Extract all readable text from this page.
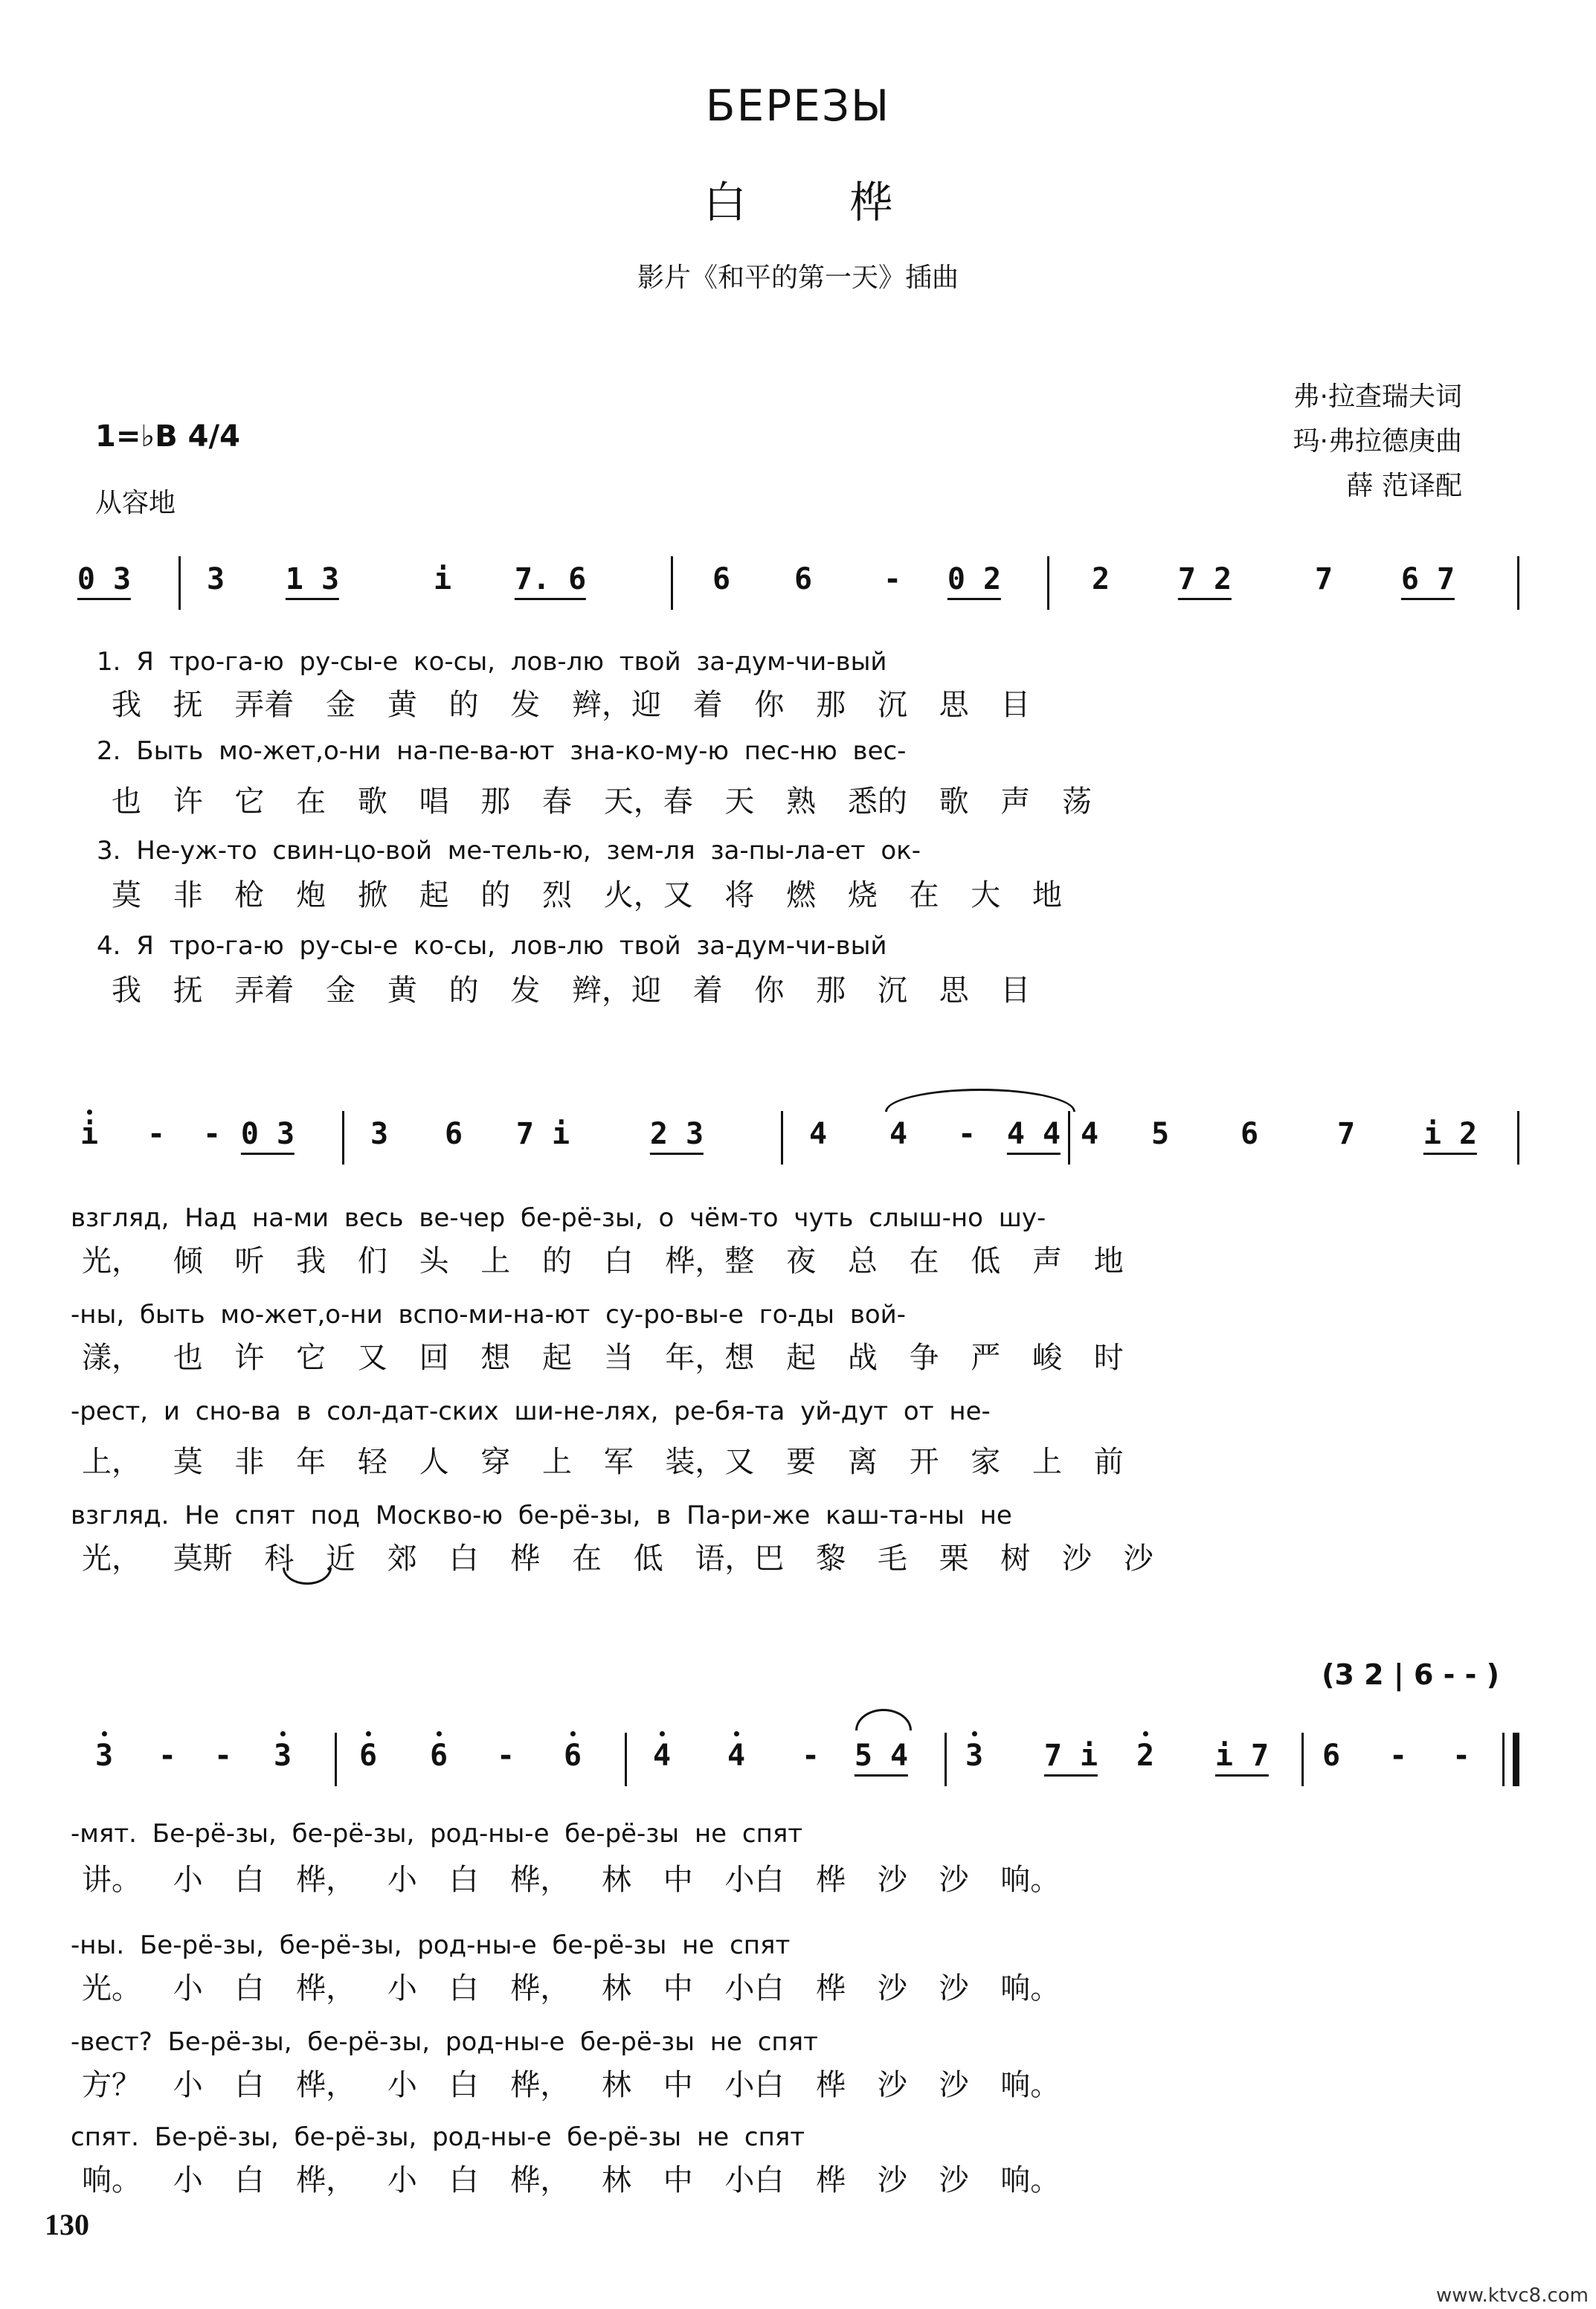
БЕРЕЗЫ
白 桦
影片《和平的第一天》插曲
弗·拉查瑞夫词
玛·弗拉德庚曲
薛 范译配
1=♭B 4/4
从容地
0 3	3 1 3	i 7. 6	6 6 - 0 2	2 7 2	7 6 7
1. Я тро-га-ю ру-сы-е ко-сы, лов-лю твой за-дум-чи-вый
我 抚 弄着 金 黄 的 发 辫，迎 着 你 那 沉 思 目
2. Быть мо-жет,о-ни на-пе-ва-ют зна-ко-му-ю пес-ню вес-
也 许 它 在 歌 唱 那 春 天，春 天 熟 悉的 歌 声 荡
3. Не-уж-то свин-цо-вой ме-тель-ю, зем-ля за-пы-ла-ет ок-
莫 非 枪 炮 掀 起 的 烈 火，又 将 燃 烧 在 大 地
4. Я тро-га-ю ру-сы-е ко-сы, лов-лю твой за-дум-чи-вый
我 抚 弄着 金 黄 的 发 辫，迎 着 你 那 沉 思 目
i - - 0 3	3 6 7 i	2 3	4 4 - 4 4 4 5 6	7 i 2
взгляд, Над на-ми весь ве-чер бе-рё-зы, о чём-то чуть слыш-но шу-
光， 倾 听 我 们 头 上 的 白 桦，整 夜 总 在 低 声 地
-ны, быть мо-жет,о-ни вспо-ми-на-ют су-ро-вы-е го-ды вой-
漾， 也 许 它 又 回 想 起 当 年，想 起 战 争 严 峻 时
-рест, и сно-ва в сол-дат-ских ши-не-лях, ре-бя-та уй-дут от не-
上， 莫 非 年 轻 人 穿 上 军 装，又 要 离 开 家 上 前
взгляд. Не спят под Москво-ю бе-рё-зы, в Па-ри-же каш-та-ны не
光， 莫斯 科 近 郊 白 桦 在 低 语，巴 黎 毛 栗 树 沙 沙
(3 2 | 6 - - )
3 - - 3 6 6 - 6 4 4 - 5 4 3 7 i 2 i 7 6 - -
-мят. Бе-рё-зы, бе-рё-зы, род-ны-е бе-рё-зы не спят
讲。 小 白 桦， 小 白 桦， 林 中 小白 桦 沙 沙 响。
-ны. Бе-рё-зы, бе-рё-зы, род-ны-е бе-рё-зы не спят
光。 小 白 桦， 小 白 桦， 林 中 小白 桦 沙 沙 响。
-вест? Бе-рё-зы, бе-рё-зы, род-ны-е бе-рё-зы не спят
方？ 小 白 桦， 小 白 桦， 林 中 小白 桦 沙 沙 响。
спят. Бе-рё-зы, бе-рё-зы, род-ны-е бе-рё-зы не спят
响。 小 白 桦， 小 白 桦， 林 中 小白 桦 沙 沙 响。
130
www.ktvc8.com
